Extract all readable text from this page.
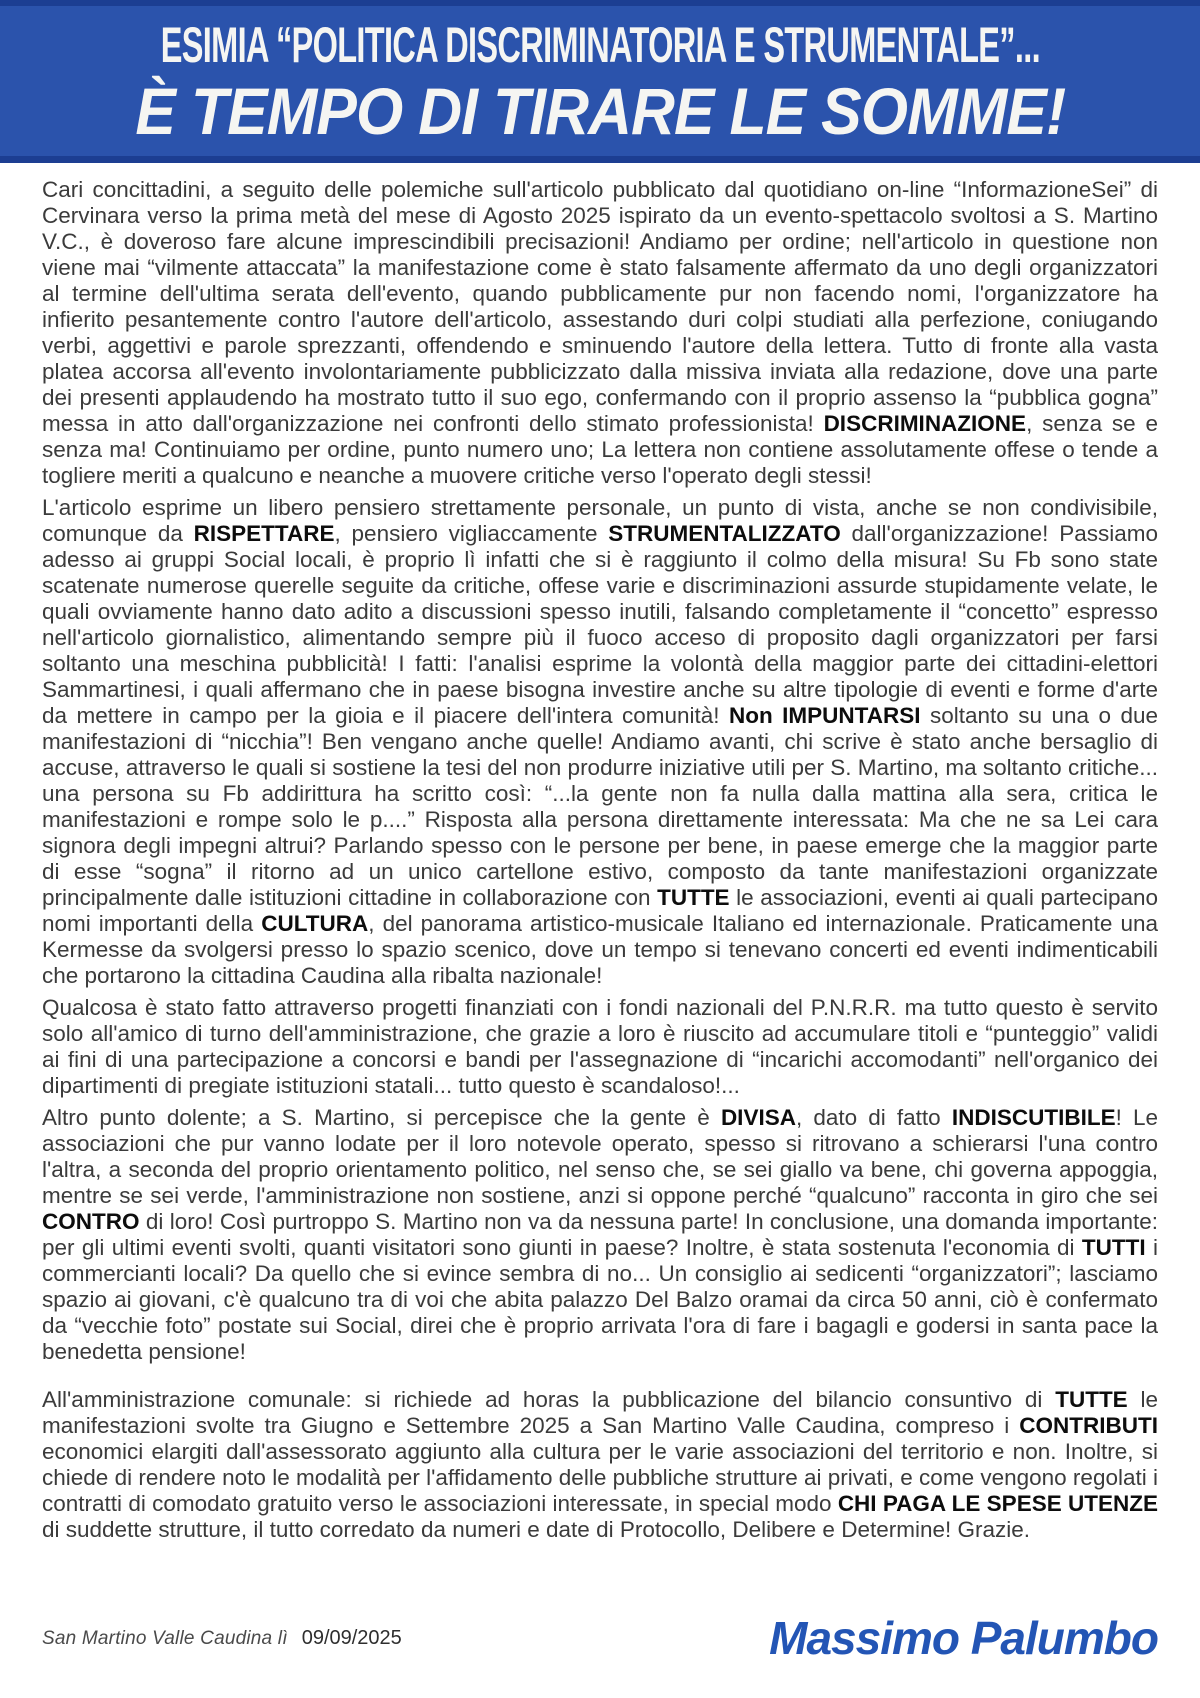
ESIMIA “POLITICA DISCRIMINATORIA E STRUMENTALE”...
È TEMPO DI TIRARE LE SOMME!

Cari concittadini, a seguito delle polemiche sull'articolo pubblicato dal quotidiano on-line “InformazioneSei” di Cervinara verso la prima metà del mese di Agosto 2025 ispirato da un evento-spettacolo svoltosi a S. Martino V.C., è doveroso fare alcune imprescindibili precisazioni! Andiamo per ordine; nell'articolo in questione non viene mai “vilmente attaccata” la manifestazione come è stato falsamente affermato da uno degli organizzatori al termine dell'ultima serata dell'evento, quando pubblicamente pur non facendo nomi, l'organizzatore ha infierito pesantemente contro l'autore dell'articolo, assestando duri colpi studiati alla perfezione, coniugando verbi, aggettivi e parole sprezzanti, offendendo e sminuendo l'autore della lettera. Tutto di fronte alla vasta platea accorsa all'evento involontariamente pubblicizzato dalla missiva inviata alla redazione, dove una parte dei presenti applaudendo ha mostrato tutto il suo ego, confermando con il proprio assenso la “pubblica gogna” messa in atto dall'organizzazione nei confronti dello stimato professionista! DISCRIMINAZIONE, senza se e senza ma! Continuiamo per ordine, punto numero uno; La lettera non contiene assolutamente offese o tende a togliere meriti a qualcuno e neanche a muovere critiche verso l'operato degli stessi!

L'articolo esprime un libero pensiero strettamente personale, un punto di vista, anche se non condivisibile, comunque da RISPETTARE, pensiero vigliaccamente STRUMENTALIZZATO dall'organizzazione! Passiamo adesso ai gruppi Social locali, è proprio lì infatti che si è raggiunto il colmo della misura! Su Fb sono state scatenate numerose querelle seguite da critiche, offese varie e discriminazioni assurde stupidamente velate, le quali ovviamente hanno dato adito a discussioni spesso inutili, falsando completamente il “concetto” espresso nell'articolo giornalistico, alimentando sempre più il fuoco acceso di proposito dagli organizzatori per farsi soltanto una meschina pubblicità! I fatti: l'analisi esprime la volontà della maggior parte dei cittadini-elettori Sammartinesi, i quali affermano che in paese bisogna investire anche su altre tipologie di eventi e forme d'arte da mettere in campo per la gioia e il piacere dell'intera comunità! Non IMPUNTARSI soltanto su una o due manifestazioni di “nicchia”! Ben vengano anche quelle! Andiamo avanti, chi scrive è stato anche bersaglio di accuse, attraverso le quali si sostiene la tesi del non produrre iniziative utili per S. Martino, ma soltanto critiche... una persona su Fb addirittura ha scritto così: “...la gente non fa nulla dalla mattina alla sera, critica le manifestazioni e rompe solo le p....” Risposta alla persona direttamente interessata: Ma che ne sa Lei cara signora degli impegni altrui? Parlando spesso con le persone per bene, in paese emerge che la maggior parte di esse “sogna” il ritorno ad un unico cartellone estivo, composto da tante manifestazioni organizzate principalmente dalle istituzioni cittadine in collaborazione con TUTTE le associazioni, eventi ai quali partecipano nomi importanti della CULTURA, del panorama artistico-musicale Italiano ed internazionale. Praticamente una Kermesse da svolgersi presso lo spazio scenico, dove un tempo si tenevano concerti ed eventi indimenticabili che portarono la cittadina Caudina alla ribalta nazionale!

Qualcosa è stato fatto attraverso progetti finanziati con i fondi nazionali del P.N.R.R. ma tutto questo è servito solo all'amico di turno dell'amministrazione, che grazie a loro è riuscito ad accumulare titoli e “punteggio” validi ai fini di una partecipazione a concorsi e bandi per l'assegnazione di “incarichi accomodanti” nell'organico dei dipartimenti di pregiate istituzioni statali... tutto questo è scandaloso!...

Altro punto dolente; a S. Martino, si percepisce che la gente è DIVISA, dato di fatto INDISCUTIBILE! Le associazioni che pur vanno lodate per il loro notevole operato, spesso si ritrovano a schierarsi l'una contro l'altra, a seconda del proprio orientamento politico, nel senso che, se sei giallo va bene, chi governa appoggia, mentre se sei verde, l'amministrazione non sostiene, anzi si oppone perché “qualcuno” racconta in giro che sei CONTRO di loro! Così purtroppo S. Martino non va da nessuna parte! In conclusione, una domanda importante: per gli ultimi eventi svolti, quanti visitatori sono giunti in paese? Inoltre, è stata sostenuta l'economia di TUTTI i commercianti locali? Da quello che si evince sembra di no... Un consiglio ai sedicenti “organizzatori”; lasciamo spazio ai giovani, c'è qualcuno tra di voi che abita palazzo Del Balzo oramai da circa 50 anni, ciò è confermato da “vecchie foto” postate sui Social, direi che è proprio arrivata l'ora di fare i bagagli e godersi in santa pace la benedetta pensione!

All'amministrazione comunale: si richiede ad horas la pubblicazione del bilancio consuntivo di TUTTE le manifestazioni svolte tra Giugno e Settembre 2025 a San Martino Valle Caudina, compreso i CONTRIBUTI economici elargiti dall'assessorato aggiunto alla cultura per le varie associazioni del territorio e non. Inoltre, si chiede di rendere noto le modalità per l'affidamento delle pubbliche strutture ai privati, e come vengono regolati i contratti di comodato gratuito verso le associazioni interessate, in special modo CHI PAGA LE SPESE UTENZE di suddette strutture, il tutto corredato da numeri e date di Protocollo, Delibere e Determine! Grazie.

San Martino Valle Caudina lì 09/09/2025	Massimo Palumbo
